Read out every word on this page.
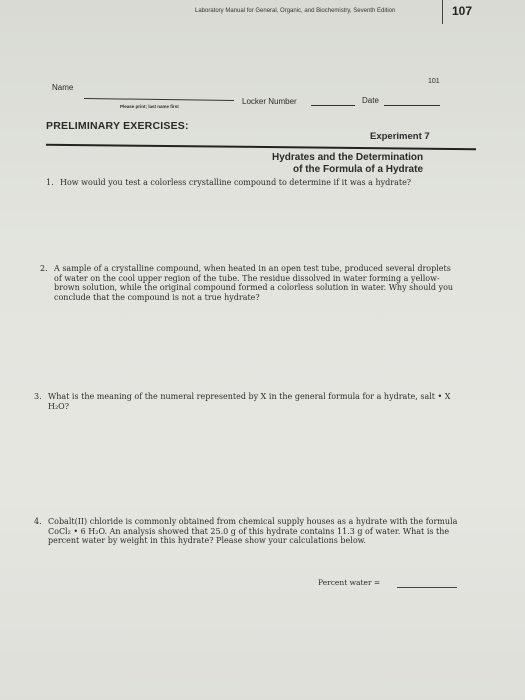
Laboratory Manual for General, Organic, and Biochemistry, Seventh Edition	107
101
Name
Please print; last name first
Locker Number	Date
PRELIMINARY EXERCISES:
Experiment 7
Hydrates and the Determination
of the Formula of a Hydrate
1. How would you test a colorless crystalline compound to determine if it was a hydrate?
2. A sample of a crystalline compound, when heated in an open test tube, produced several droplets of water on the cool upper region of the tube. The residue dissolved in water forming a yellow-brown solution, while the original compound formed a colorless solution in water. Why should you conclude that the compound is not a true hydrate?
3. What is the meaning of the numeral represented by X in the general formula for a hydrate, salt • X H₂O?
4. Cobalt(II) chloride is commonly obtained from chemical supply houses as a hydrate with the formula CoCl₂ • 6 H₂O. An analysis showed that 25.0 g of this hydrate contains 11.3 g of water. What is the percent water by weight in this hydrate? Please show your calculations below.
Percent water =
